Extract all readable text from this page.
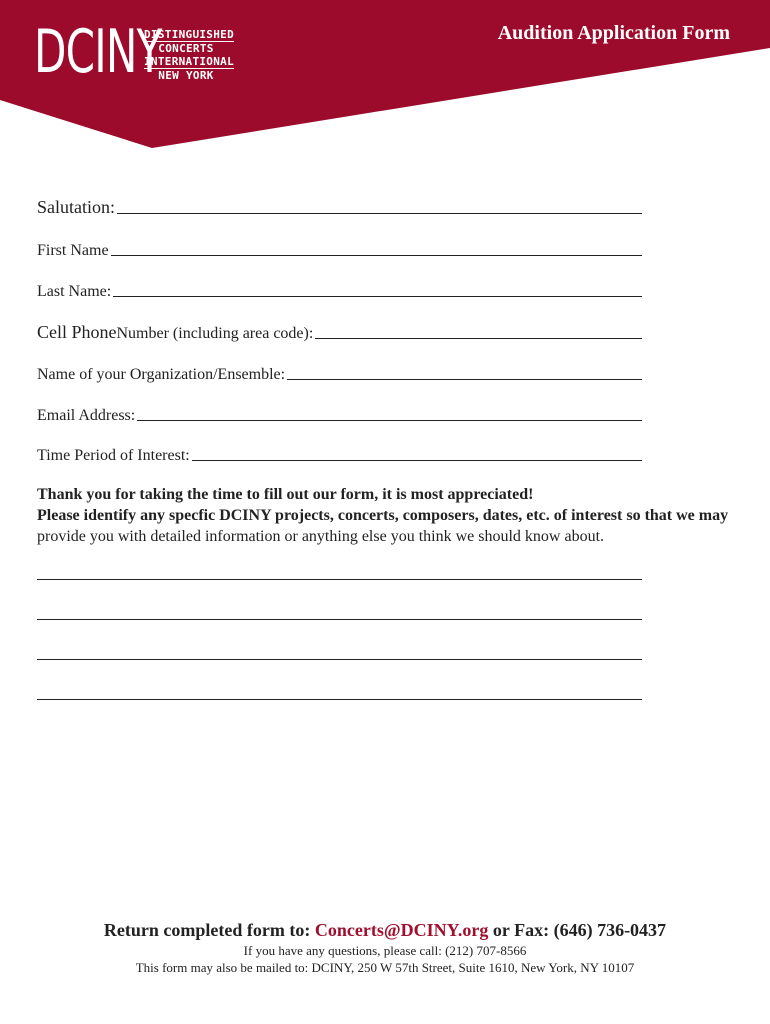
DCINY
DISTINGUISHED
CONCERTS
INTERNATIONAL
NEW YORK
Audition Application Form
Salutation:
First Name
Last Name:
Cell Phone Number (including area code):
Name of your Organization/Ensemble:
Email Address:
Time Period of Interest:
Thank you for taking the time to fill out our form, it is most appreciated!
Please identify any specfic DCINY projects, concerts, composers, dates, etc. of interest so that we may
provide you with detailed information or anything else you think we should know about.
Return completed form to: Concerts@DCINY.org or Fax: (646) 736-0437
If you have any questions, please call: (212) 707-8566
This form may also be mailed to: DCINY, 250 W 57th Street, Suite 1610, New York, NY 10107
